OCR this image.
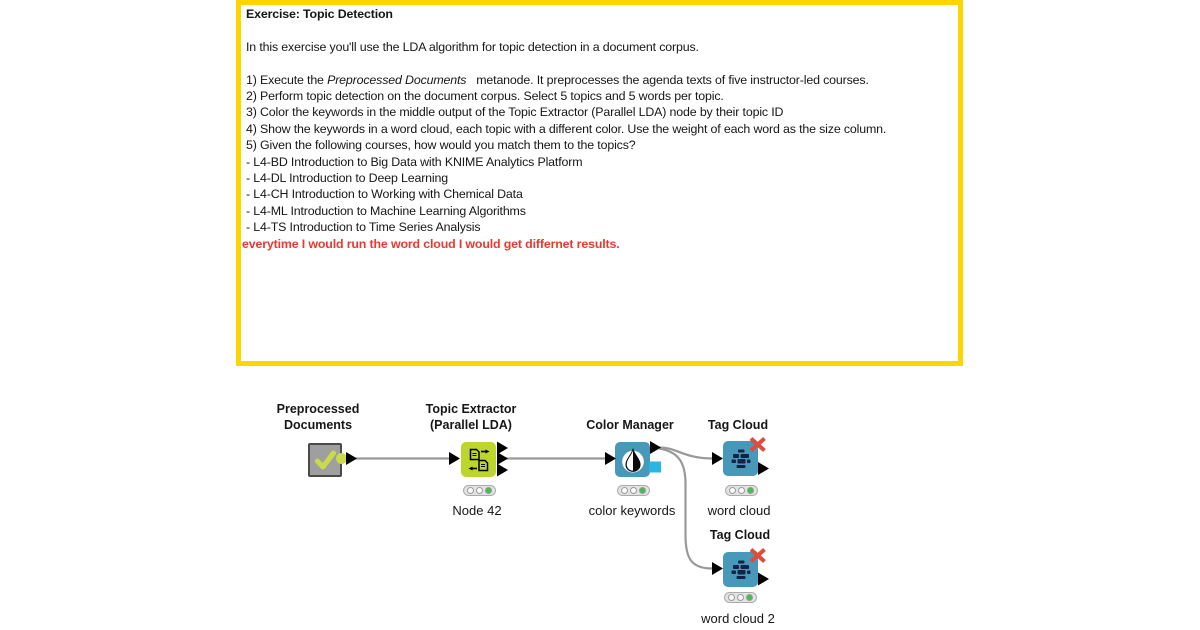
Exercise: Topic Detection
In this exercise you'll use the LDA algorithm for topic detection in a document corpus.
1) Execute the Preprocessed Documents   metanode. It preprocesses the agenda texts of five instructor-led courses.
2) Perform topic detection on the document corpus. Select 5 topics and 5 words per topic.
3) Color the keywords in the middle output of the Topic Extractor (Parallel LDA) node by their topic ID
4) Show the keywords in a word cloud, each topic with a different color. Use the weight of each word as the size column.
5) Given the following courses, how would you match them to the topics?
- L4-BD Introduction to Big Data with KNIME Analytics Platform
- L4-DL Introduction to Deep Learning
- L4-CH Introduction to Working with Chemical Data
- L4-ML Introduction to Machine Learning Algorithms
- L4-TS Introduction to Time Series Analysis
everytime I would run the word cloud I would get differnet results.
Preprocessed
Documents
Topic Extractor
(Parallel LDA)	Color Manager	Tag Cloud
Tag Cloud
Node 42	color keywords word cloud
word cloud 2
